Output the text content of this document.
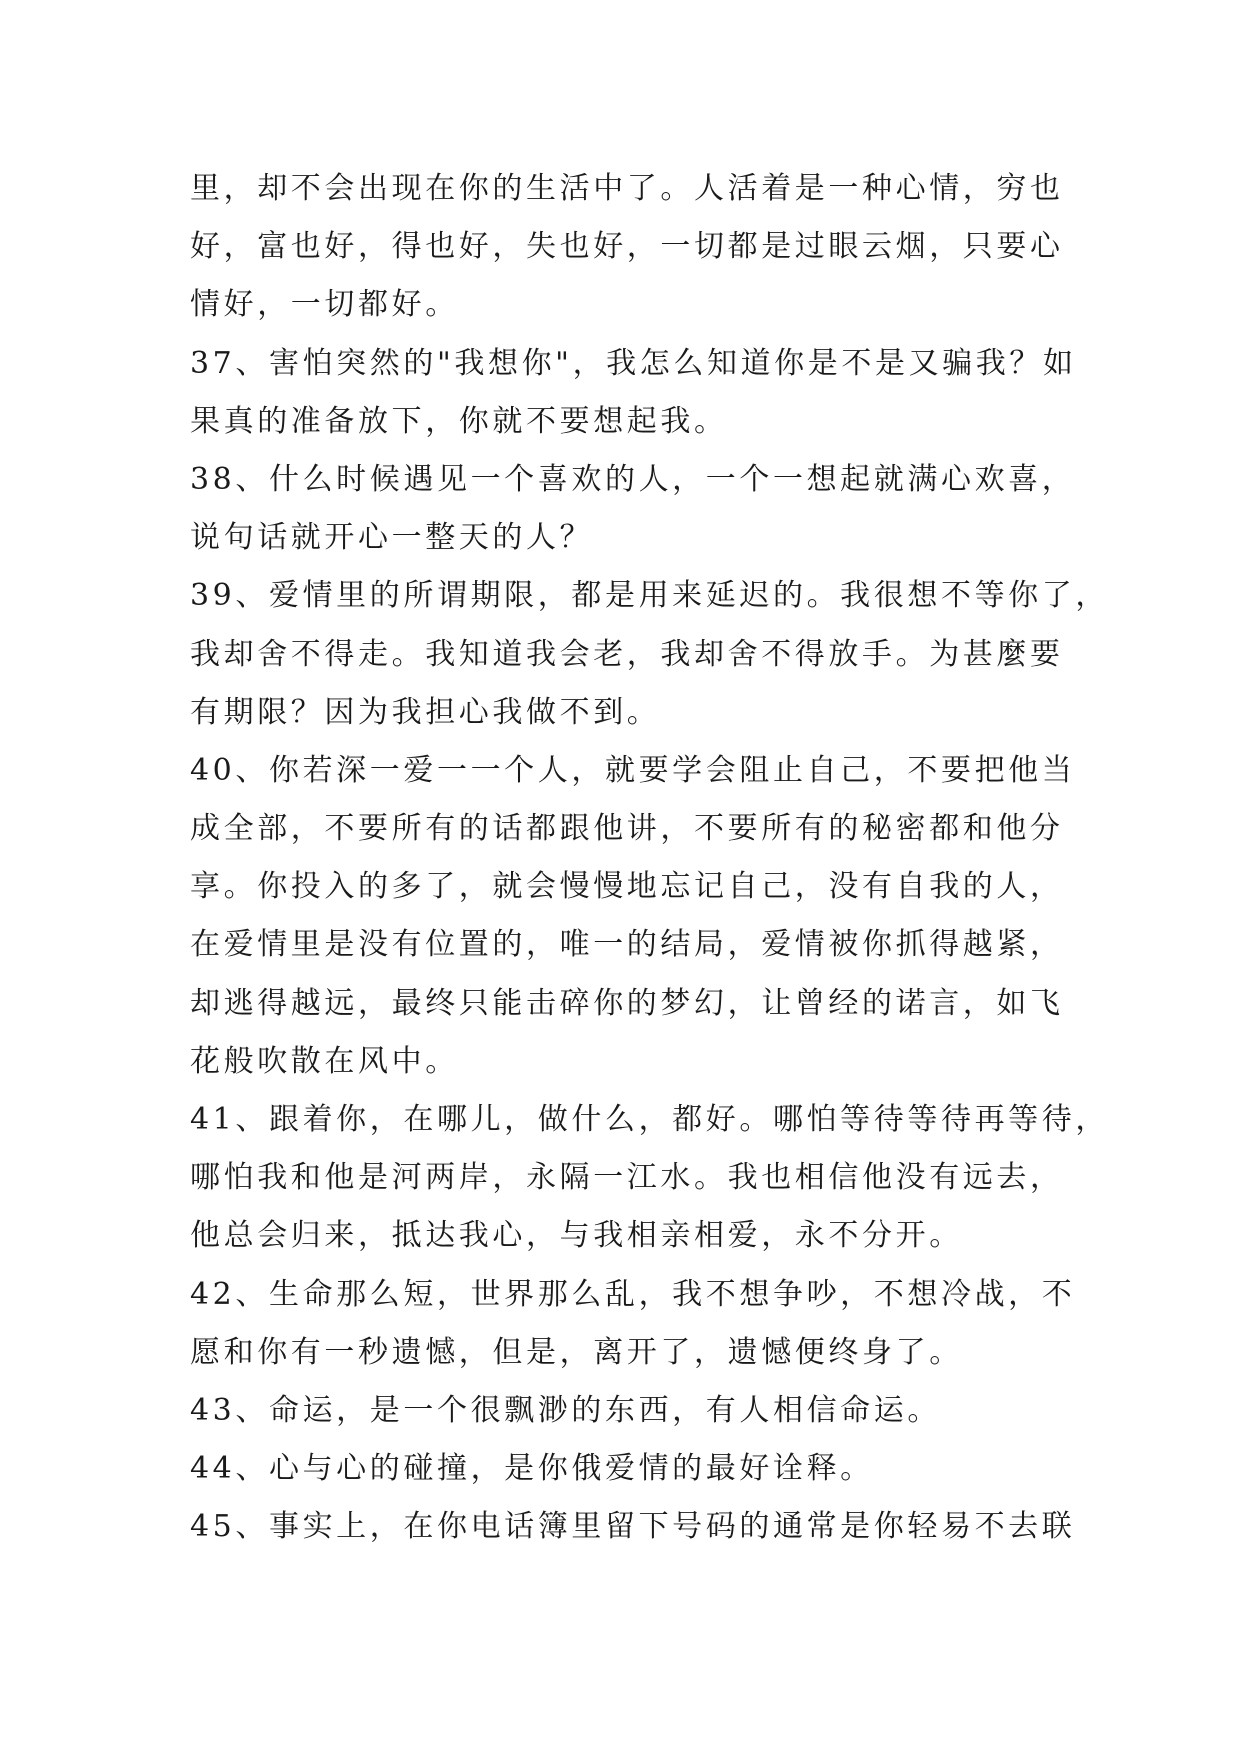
里，却不会出现在你的生活中了。人活着是一种心情，穷也
好，富也好，得也好，失也好，一切都是过眼云烟，只要心
情好，一切都好。
37、害怕突然的"我想你"，我怎么知道你是不是又骗我？如
果真的准备放下，你就不要想起我。
38、什么时候遇见一个喜欢的人，一个一想起就满心欢喜，
说句话就开心一整天的人？
39、爱情里的所谓期限，都是用来延迟的。我很想不等你了，
我却舍不得走。我知道我会老，我却舍不得放手。为甚麼要
有期限？因为我担心我做不到。
40、你若深一爱一一个人，就要学会阻止自己，不要把他当
成全部，不要所有的话都跟他讲，不要所有的秘密都和他分
享。你投入的多了，就会慢慢地忘记自己，没有自我的人，
在爱情里是没有位置的，唯一的结局，爱情被你抓得越紧，
却逃得越远，最终只能击碎你的梦幻，让曾经的诺言，如飞
花般吹散在风中。
41、跟着你，在哪儿，做什么，都好。哪怕等待等待再等待，
哪怕我和他是河两岸，永隔一江水。我也相信他没有远去，
他总会归来，抵达我心，与我相亲相爱，永不分开。
42、生命那么短，世界那么乱，我不想争吵，不想冷战，不
愿和你有一秒遗憾，但是，离开了，遗憾便终身了。
43、命运，是一个很飘渺的东西，有人相信命运。
44、心与心的碰撞，是你俄爱情的最好诠释。
45、事实上，在你电话簿里留下号码的通常是你轻易不去联
